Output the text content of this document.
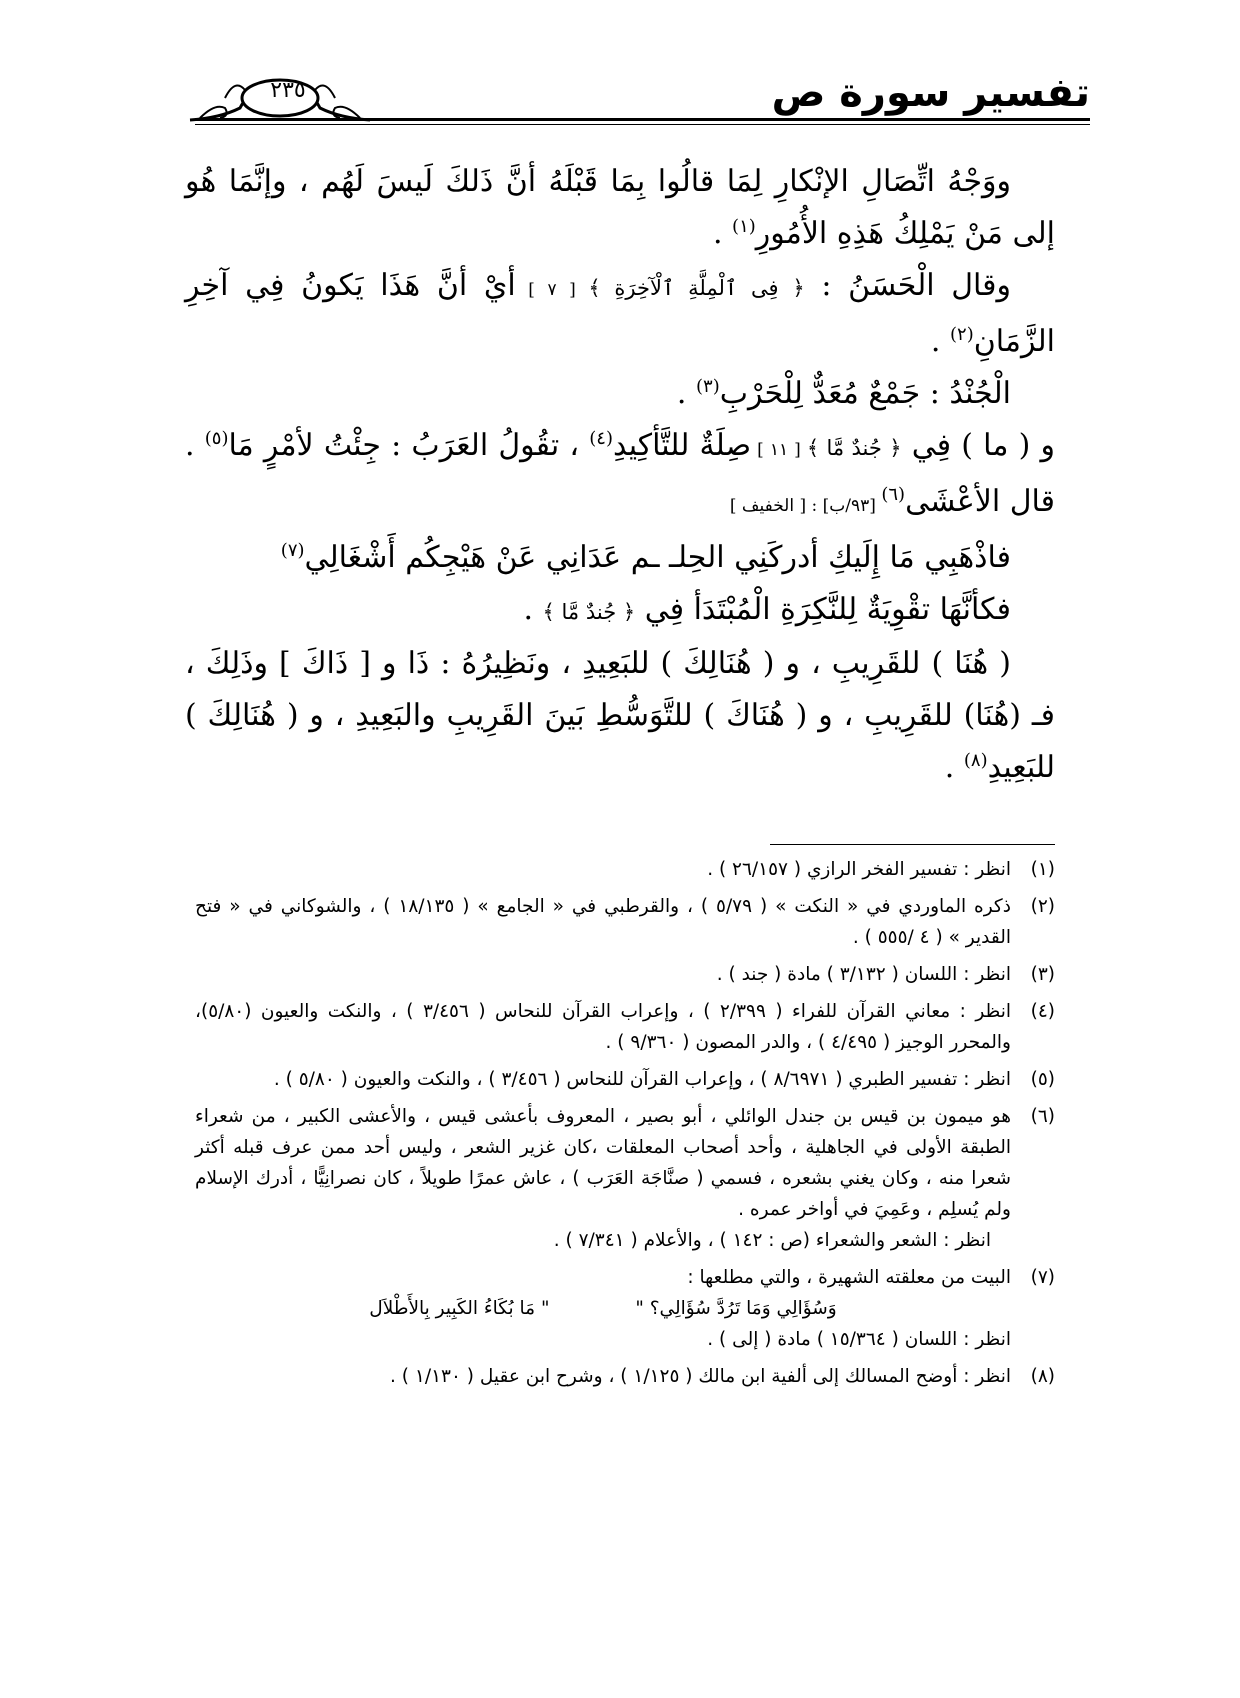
تفسير سورة ص
٢٣٥

ووَجْهُ اتِّصَالِ الإنْكارِ لِمَا قالُوا بِمَا قَبْلَهُ أنَّ ذَلكَ لَيسَ لَهُم ، وإنَّمَا هُو إلى مَنْ يَمْلِكُ هَذِهِ الأُمُورِ$^{(١)}$ .

وقال الْحَسَنُ : ﴿ فِى ٱلْمِلَّةِ ٱلْآخِرَةِ ﴾ [ ٧ ] أيْ أنَّ هَذَا يَكونُ فِي آخِرِ الزَّمَانِ$^{(٢)}$ .

الْجُنْدُ : جَمْعٌ مُعَدٌّ لِلْحَرْبِ$^{(٣)}$ .

و ( ما ) فِي ﴿ جُندٌ مَّا ﴾ [ ١١ ] صِلَةٌ للتَّأكِيدِ$^{(٤)}$ ، تقُولُ العَرَبُ : جِئْتُ لأمْرٍ مَا$^{(٥)}$ . قال الأعْشَى$^{(٦)}$ [٩٣/ب] : [ الخفيف ]

فاذْهَبِي مَا إِلَيكِ أدركَنِي الحِلـ ـم عَدَانِي عَنْ هَيْجِكُم أَشْغَالِي$^{(٧)}$

فكأنَّهَا تقْوِيَةٌ لِلنَّكِرَةِ الْمُبْتَدَأ فِي ﴿ جُندٌ مَّا ﴾ .

( هُنَا ) للقَرِيبِ ، و ( هُنَالِكَ ) للبَعِيدِ ، ونَظِيرُهُ : ذَا و [ ذَاكَ ] وذَلِكَ ، فـ (هُنَا) للقَرِيبِ ، و ( هُنَاكَ ) للتَّوَسُّطِ بَينَ القَرِيبِ والبَعِيدِ ، و ( هُنَالِكَ ) للبَعِيدِ$^{(٨)}$ .

(١)

انظر : تفسير الفخر الرازي ( ٢٦/١٥٧ ) .

(٢)

ذكره الماوردي في « النكت » ( ٥/٧٩ ) ، والقرطبي في « الجامع » ( ١٨/١٣٥ ) ، والشوكاني في « فتح القدير » ( ٤ /٥٥٥ ) .

(٣)

انظر : اللسان ( ٣/١٣٢ ) مادة ( جند ) .

(٤)

انظر : معاني القرآن للفراء ( ٢/٣٩٩ ) ، وإعراب القرآن للنحاس ( ٣/٤٥٦ ) ، والنكت والعيون (٥/٨٠)، والمحرر الوجيز ( ٤/٤٩٥ ) ، والدر المصون ( ٩/٣٦٠ ) .

(٥)

انظر : تفسير الطبري ( ٨/٦٩٧١ ) ، وإعراب القرآن للنحاس ( ٣/٤٥٦ ) ، والنكت والعيون ( ٥/٨٠ ) .

(٦)

هو ميمون بن قيس بن جندل الوائلي ، أبو بصير ، المعروف بأعشى قيس ، والأعشى الكبير ، من شعراء الطبقة الأولى في الجاهلية ، وأحد أصحاب المعلقات ،كان غزير الشعر ، وليس أحد ممن عرف قبله أكثر شعرا منه ، وكان يغني بشعره ، فسمي ( صنَّاجَة العَرَب ) ، عاش عمرًا طويلاً ، كان نصرانِيًّا ، أدرك الإسلام ولم يُسلِم ، وعَمِيَ في أواخر عمره .

انظر : الشعر والشعراء (ص : ١٤٢ ) ، والأعلام ( ٧/٣٤١ ) .

(٧)

البيت من معلقته الشهيرة ، والتي مطلعها :

وَسُؤَالِي وَمَا تَرُدَّ سُؤَالِي؟ " " مَا بُكَاءُ الكَبِير بِالأَطْلاَل

انظر : اللسان ( ١٥/٣٦٤ ) مادة ( إلى ) .

(٨)

انظر : أوضح المسالك إلى ألفية ابن مالك ( ١/١٢٥ ) ، وشرح ابن عقيل ( ١/١٣٠ ) .
